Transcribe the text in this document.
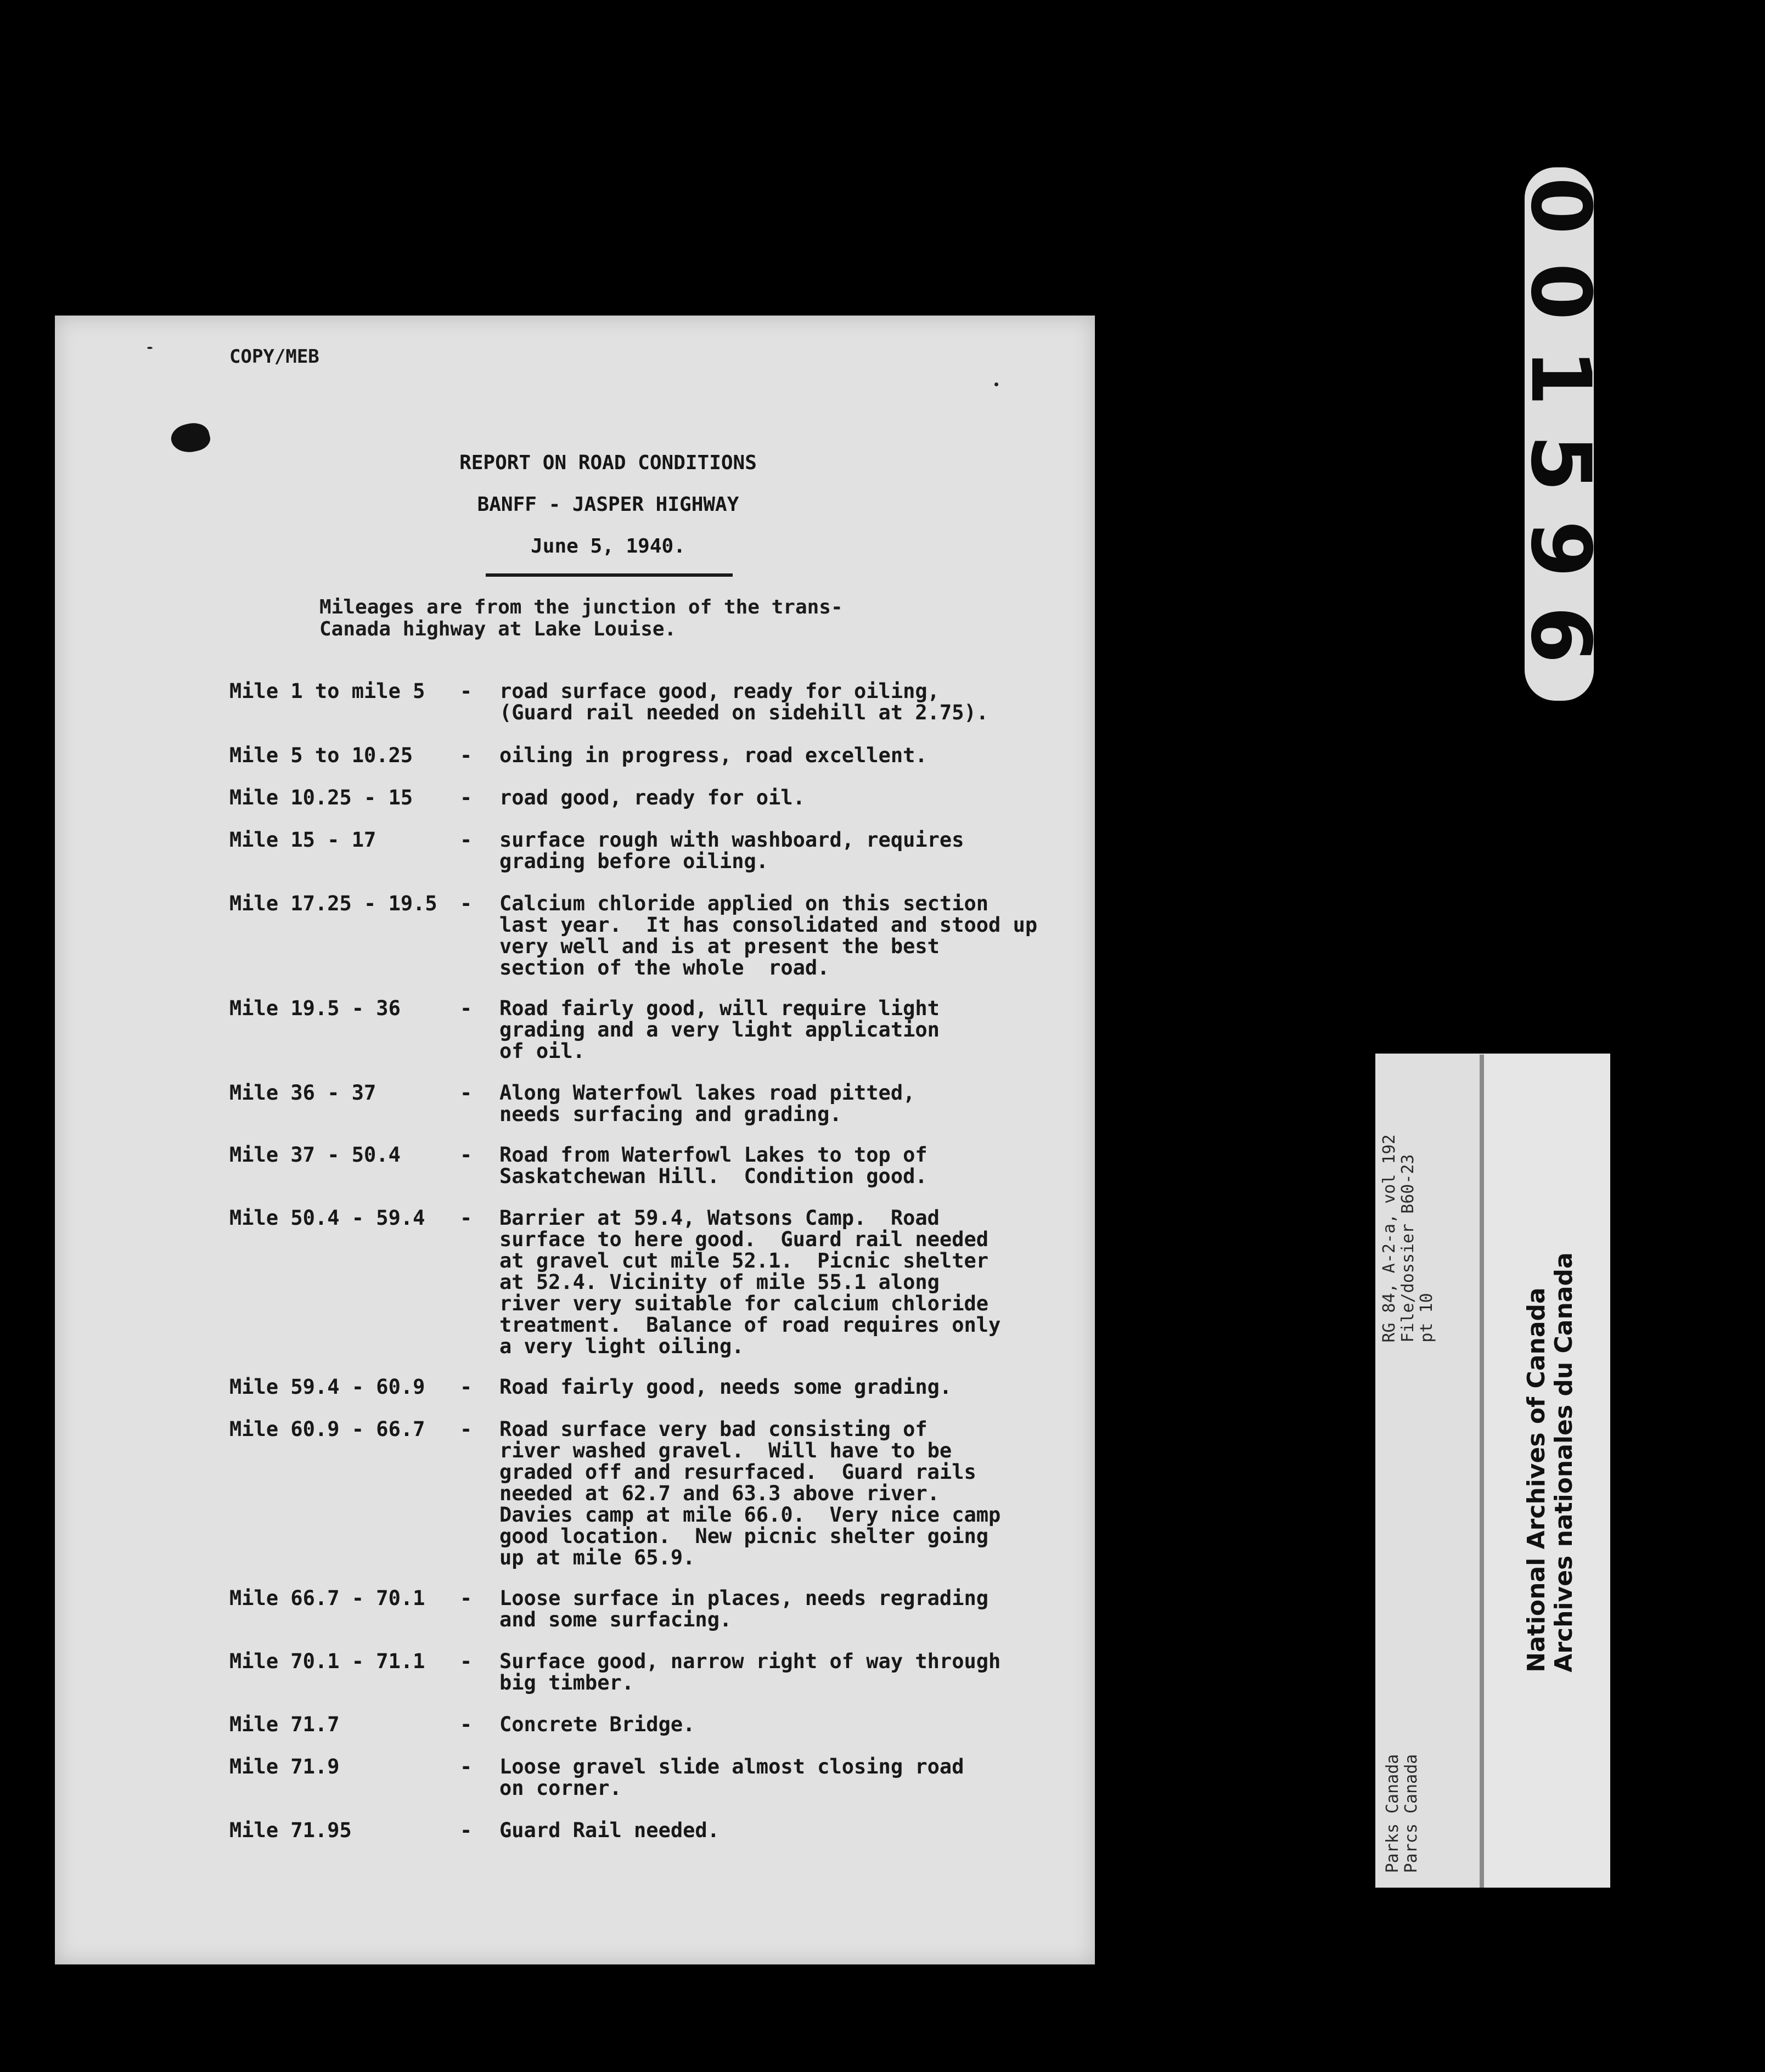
COPY/MEB
REPORT ON ROAD CONDITIONS
BANFF - JASPER HIGHWAY
June 5, 1940.
Mileages are from the junction of the trans-
Canada highway at Lake Louise.
Mile 1 to mile 5 - road surface good, ready for oiling,
(Guard rail needed on sidehill at 2.75).
Mile 5 to 10.25 - oiling in progress, road excellent.
Mile 10.25 - 15 - road good, ready for oil.
Mile 15 - 17	- surface rough with washboard, requires
grading before oiling.
Mile 17.25 - 19.5 - Calcium chloride applied on this section
last year.  It has consolidated and stood up
very well and is at present the best
section of the whole  road.
Mile 19.5 - 36	- Road fairly good, will require light
grading and a very light application
of oil.
Mile 36 - 37	- Along Waterfowl lakes road pitted,
needs surfacing and grading.
Mile 37 - 50.4	- Road from Waterfowl Lakes to top of
Saskatchewan Hill.  Condition good.
Mile 50.4 - 59.4 - Barrier at 59.4, Watsons Camp.  Road
surface to here good.  Guard rail needed
at gravel cut mile 52.1.  Picnic shelter
at 52.4. Vicinity of mile 55.1 along
river very suitable for calcium chloride
treatment.  Balance of road requires only
a very light oiling.
Mile 59.4 - 60.9 - Road fairly good, needs some grading.
Mile 60.9 - 66.7 - Road surface very bad consisting of
river washed gravel.  Will have to be
graded off and resurfaced.  Guard rails
needed at 62.7 and 63.3 above river.
Davies camp at mile 66.0.  Very nice camp
good location.  New picnic shelter going
up at mile 65.9.
Mile 66.7 - 70.1 - Loose surface in places, needs regrading
and some surfacing.
Mile 70.1 - 71.1 - Surface good, narrow right of way through
big timber.
Mile 71.7	- Concrete Bridge.
Mile 71.9	- Loose gravel slide almost closing road
on corner.
Mile 71.95	- Guard Rail needed.
001596
RG 84, A-2-a, vol 192 File/dossier B60-23 pt 10
Parks Canada Parcs Canada
National Archives of Canada Archives nationales du Canada
